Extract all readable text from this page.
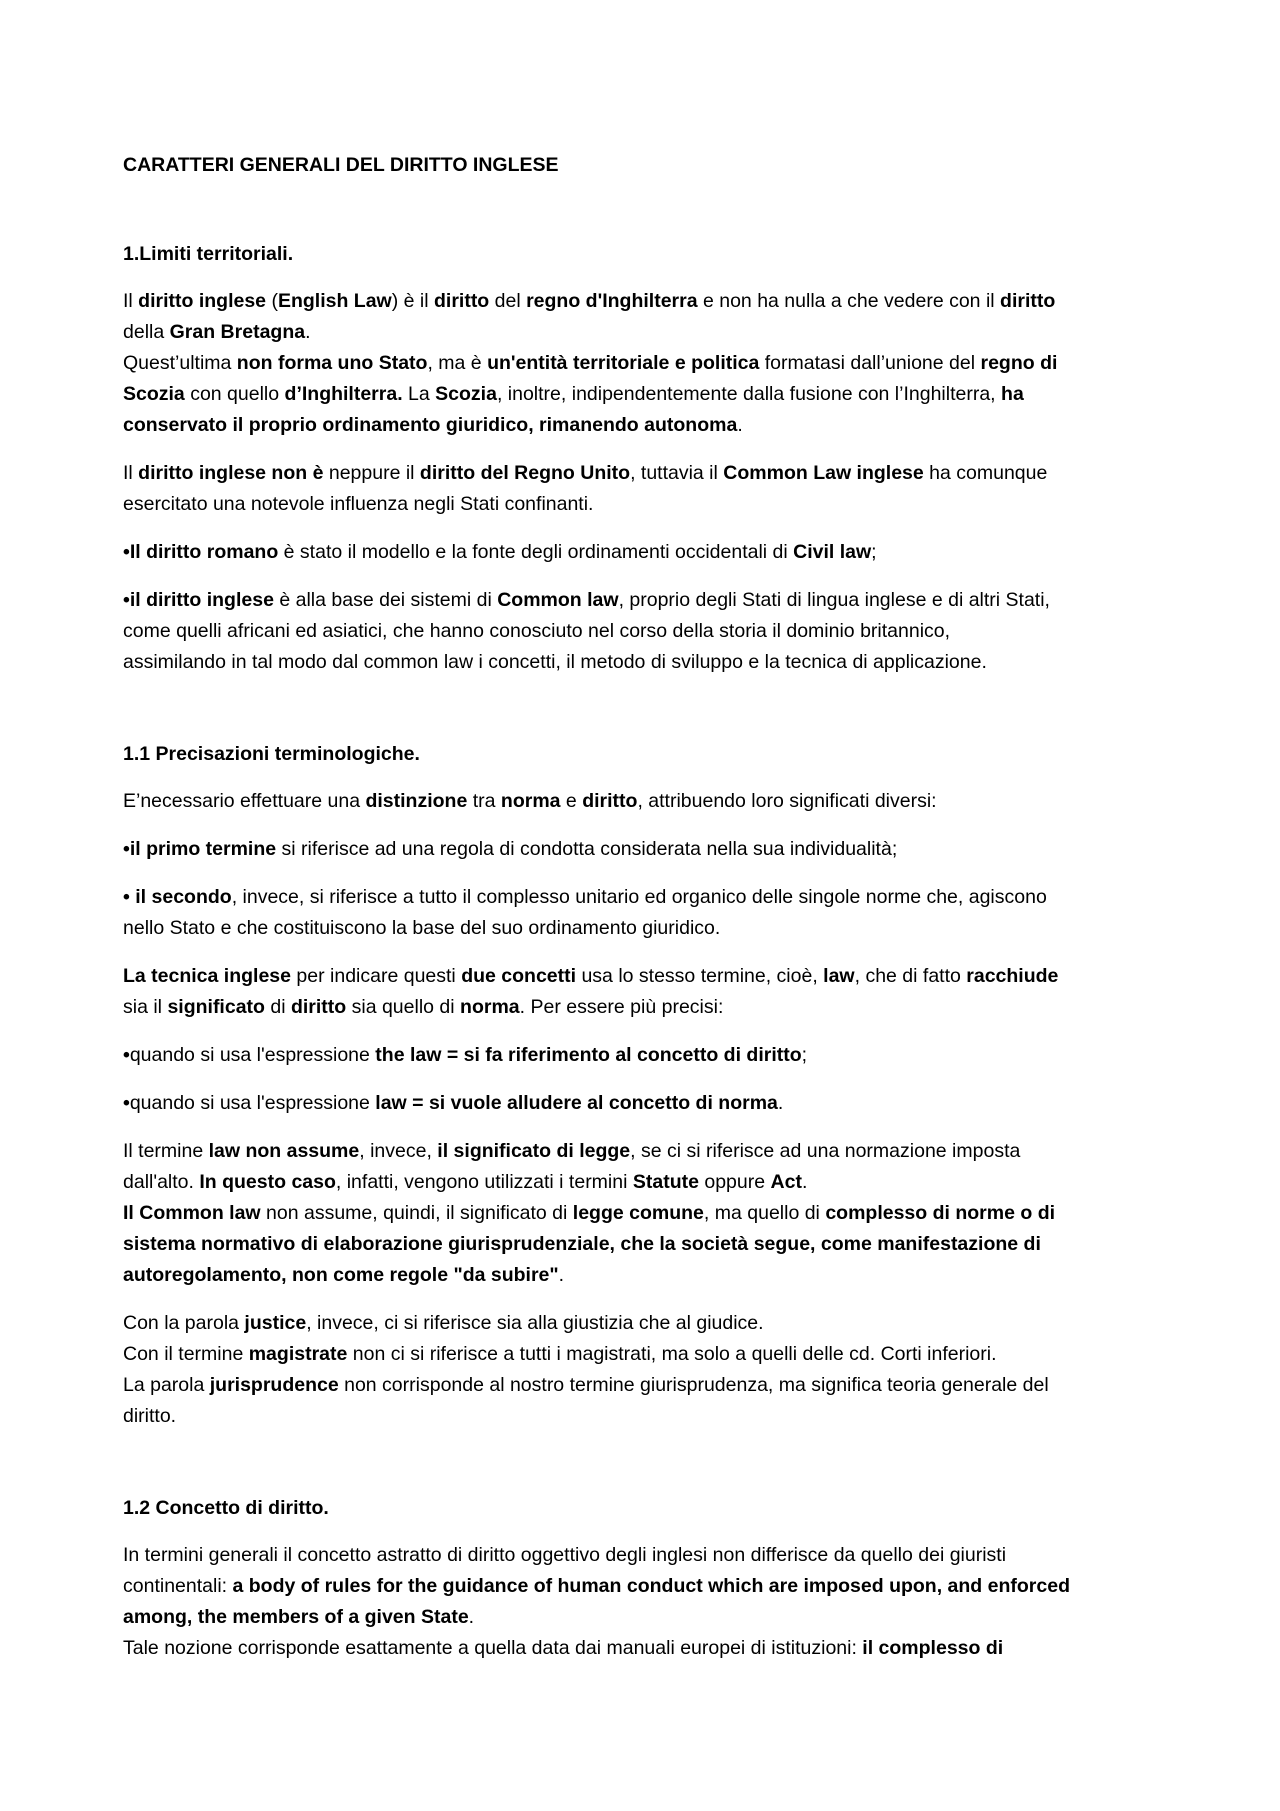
CARATTERI GENERALI DEL DIRITTO INGLESE
1.Limiti territoriali.
Il diritto inglese (English Law) è il diritto del regno d'Inghilterra e non ha nulla a che vedere con il diritto
della Gran Bretagna.
Quest’ultima non forma uno Stato, ma è un'entità territoriale e politica formatasi dall’unione del regno di
Scozia con quello d’Inghilterra. La Scozia, inoltre, indipendentemente dalla fusione con l’Inghilterra, ha
conservato il proprio ordinamento giuridico, rimanendo autonoma.
Il diritto inglese non è neppure il diritto del Regno Unito, tuttavia il Common Law inglese ha comunque
esercitato una notevole influenza negli Stati confinanti.
•Il diritto romano è stato il modello e la fonte degli ordinamenti occidentali di Civil law;
•il diritto inglese è alla base dei sistemi di Common law, proprio degli Stati di lingua inglese e di altri Stati,
come quelli africani ed asiatici, che hanno conosciuto nel corso della storia il dominio britannico,
assimilando in tal modo dal common law i concetti, il metodo di sviluppo e la tecnica di applicazione.
1.1 Precisazioni terminologiche.
E’necessario effettuare una distinzione tra norma e diritto, attribuendo loro significati diversi:
•il primo termine si riferisce ad una regola di condotta considerata nella sua individualità;
• il secondo, invece, si riferisce a tutto il complesso unitario ed organico delle singole norme che, agiscono
nello Stato e che costituiscono la base del suo ordinamento giuridico.
La tecnica inglese per indicare questi due concetti usa lo stesso termine, cioè, law, che di fatto racchiude
sia il significato di diritto sia quello di norma. Per essere più precisi:
•quando si usa l'espressione the law = si fa riferimento al concetto di diritto;
•quando si usa l'espressione law = si vuole alludere al concetto di norma.
Il termine law non assume, invece, il significato di legge, se ci si riferisce ad una normazione imposta
dall'alto. In questo caso, infatti, vengono utilizzati i termini Statute oppure Act.
Il Common law non assume, quindi, il significato di legge comune, ma quello di complesso di norme o di
sistema normativo di elaborazione giurisprudenziale, che la società segue, come manifestazione di
autoregolamento, non come regole "da subire".
Con la parola justice, invece, ci si riferisce sia alla giustizia che al giudice.
Con il termine magistrate non ci si riferisce a tutti i magistrati, ma solo a quelli delle cd. Corti inferiori.
La parola jurisprudence non corrisponde al nostro termine giurisprudenza, ma significa teoria generale del
diritto.
1.2 Concetto di diritto.
In termini generali il concetto astratto di diritto oggettivo degli inglesi non differisce da quello dei giuristi
continentali: a body of rules for the guidance of human conduct which are imposed upon, and enforced
among, the members of a given State.
Tale nozione corrisponde esattamente a quella data dai manuali europei di istituzioni: il complesso di
